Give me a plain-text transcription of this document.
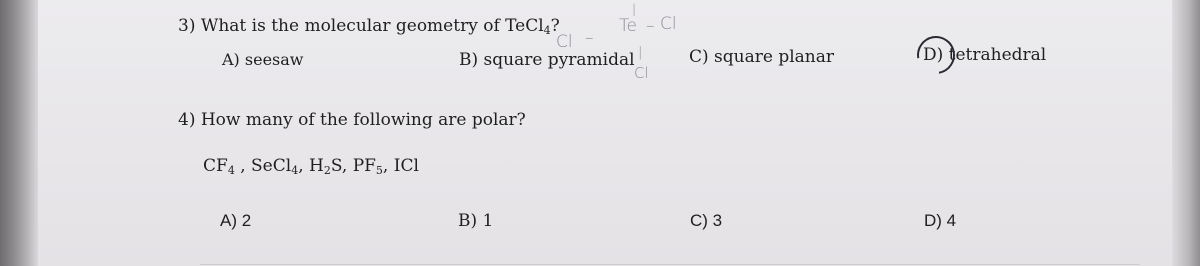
3) What is the molecular geometry of TeCl$_4$?
A) seesaw	B) square pyramidal	C) square planar	D) tetrahedral
Cl –
Te – Cl
|
Cl
|
4) How many of the following are polar?
$CF_4$ , SeCl$_4$, $H_2S$, $PF_5$, ICl
A) 2	B) 1	C) 3	D) 4
